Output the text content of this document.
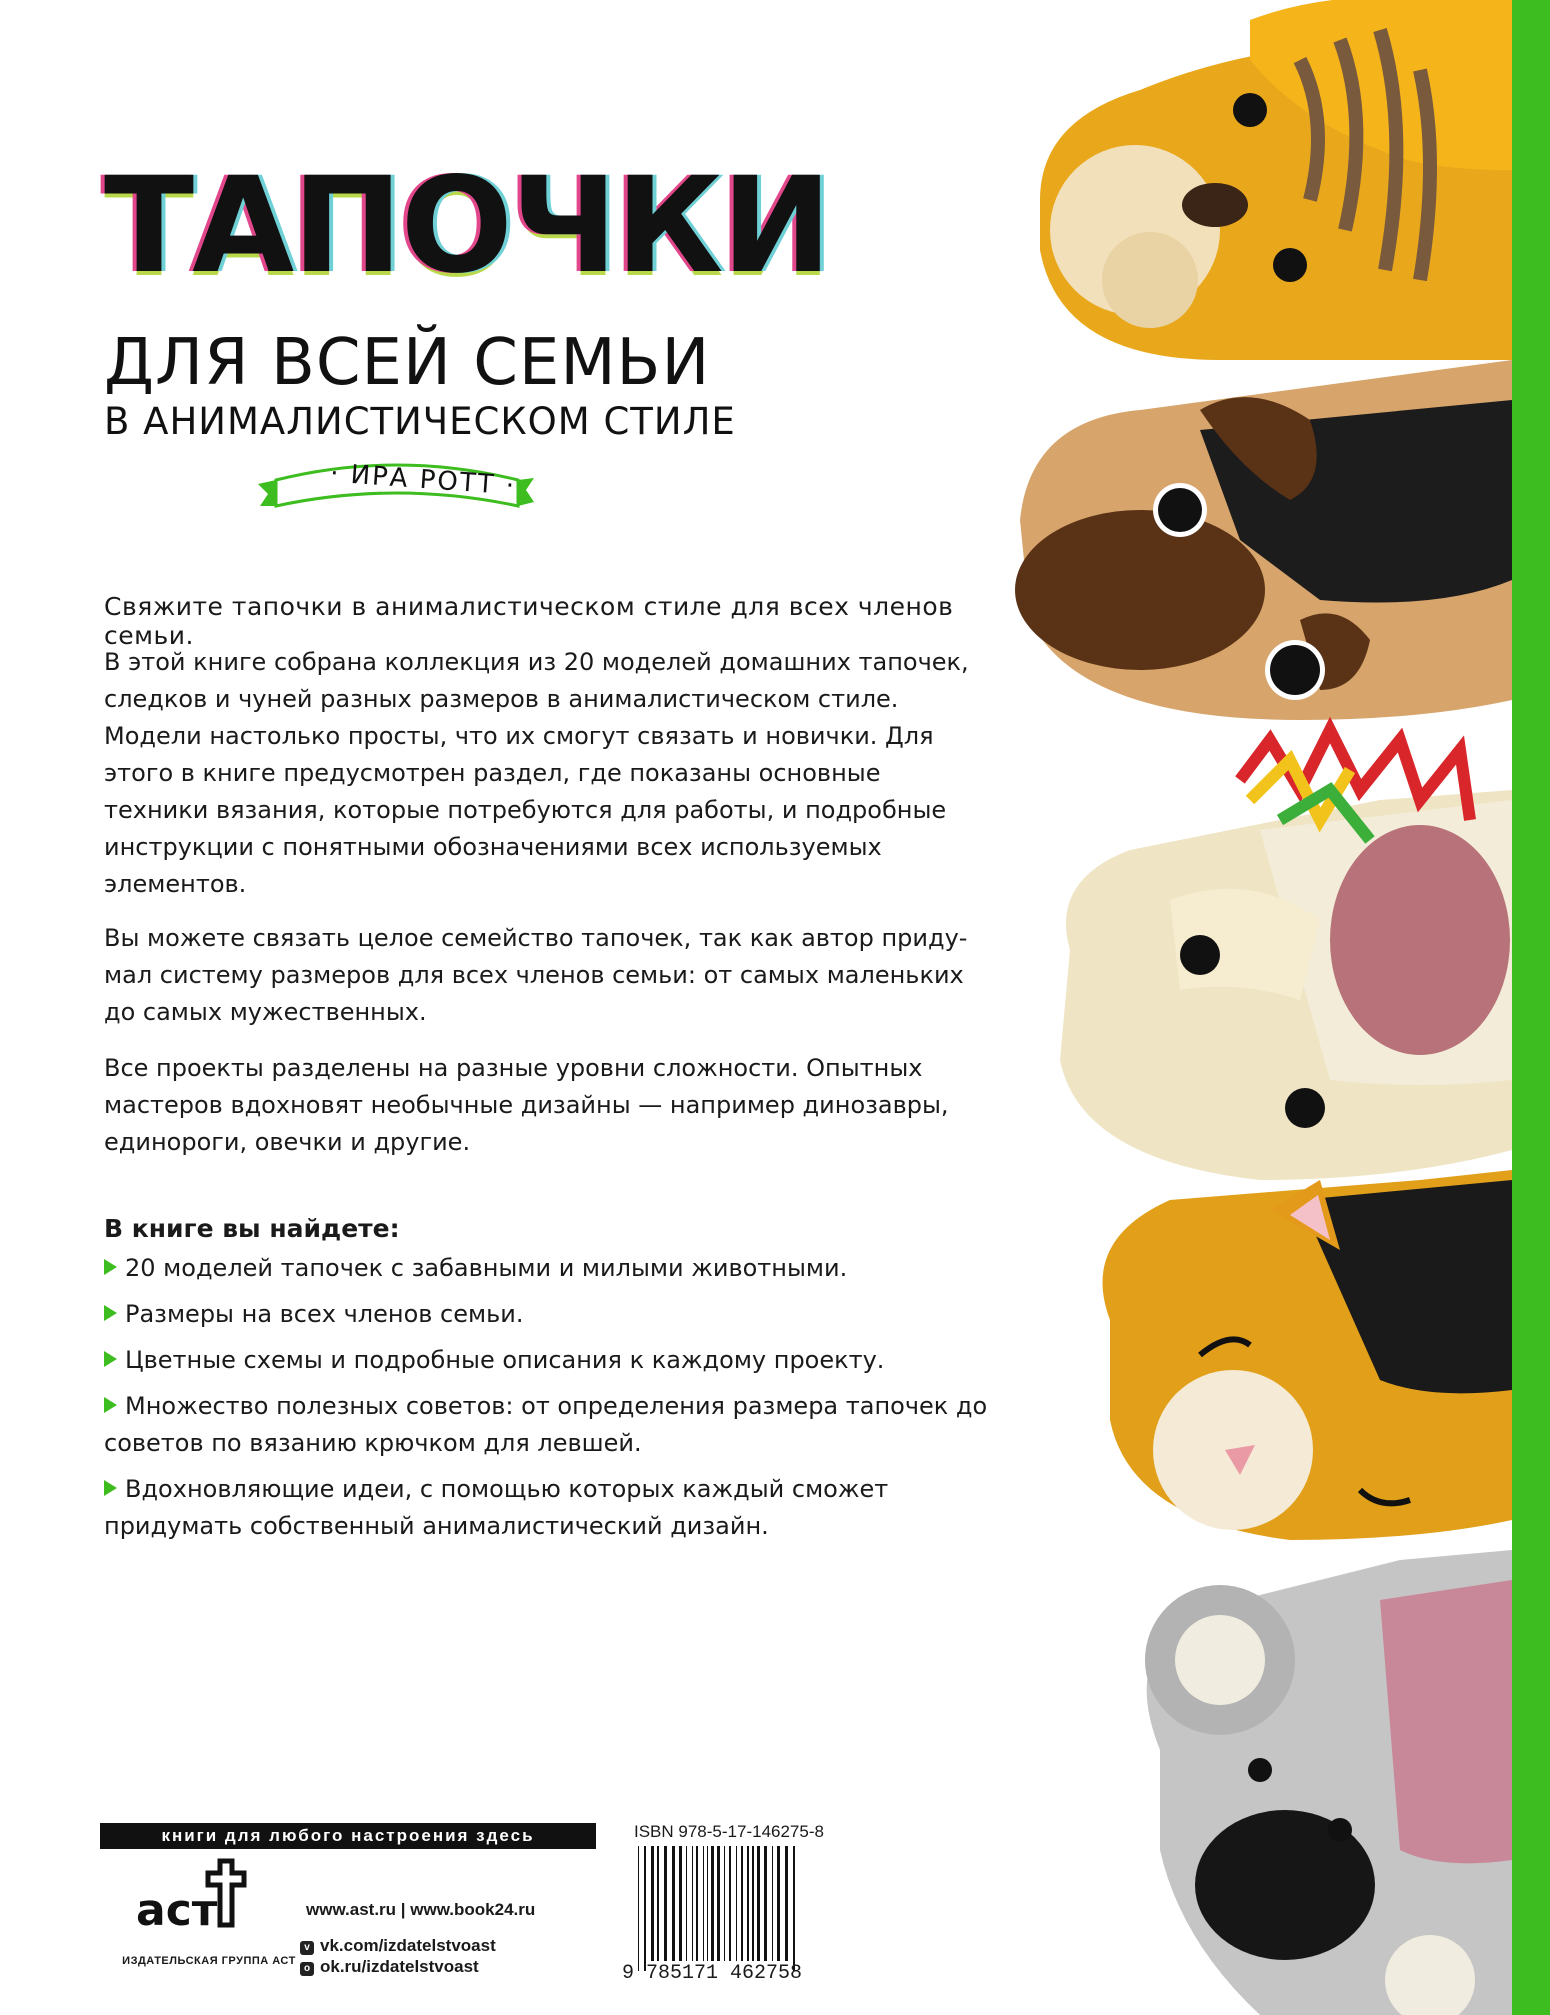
ТАПОЧКИ
ДЛЯ ВСЕЙ СЕМЬИ
В АНИМАЛИСТИЧЕСКОМ СТИЛЕ
· ИРА РОТТ ·
Свяжите тапочки в анималистическом стиле для всех членов семьи.
В этой книге собрана коллекция из 20 моделей домашних тапочек, следков и чуней разных размеров в анималистическом стиле. Модели настолько просты, что их смогут связать и новички. Для этого в книге предусмотрен раздел, где показаны основные техники вязания, которые потребуются для работы, и подробные инструкции с понятными обозначениями всех используемых элементов.
Вы можете связать целое семейство тапочек, так как автор приду-мал систему размеров для всех членов семьи: от самых маленьких до самых мужественных.
Все проекты разделены на разные уровни сложности. Опытных мастеров вдохновят необычные дизайны — например динозавры, единороги, овечки и другие.
В книге вы найдете:
20 моделей тапочек с забавными и милыми животными.
Размеры на всех членов семьи.
Цветные схемы и подробные описания к каждому проекту.
Множество полезных советов: от определения размера тапочек до советов по вязанию крючком для левшей.
Вдохновляющие идеи, с помощью которых каждый сможет придумать собственный анималистический дизайн.
книги для любого настроения здесь
аст
ИЗДАТЕЛЬСКАЯ ГРУППА АСТ
www.ast.ru | www.book24.ru
v vk.com/izdatelstvoast
o ok.ru/izdatelstvoast
ISBN 978-5-17-146275-8
9 785171 462758
